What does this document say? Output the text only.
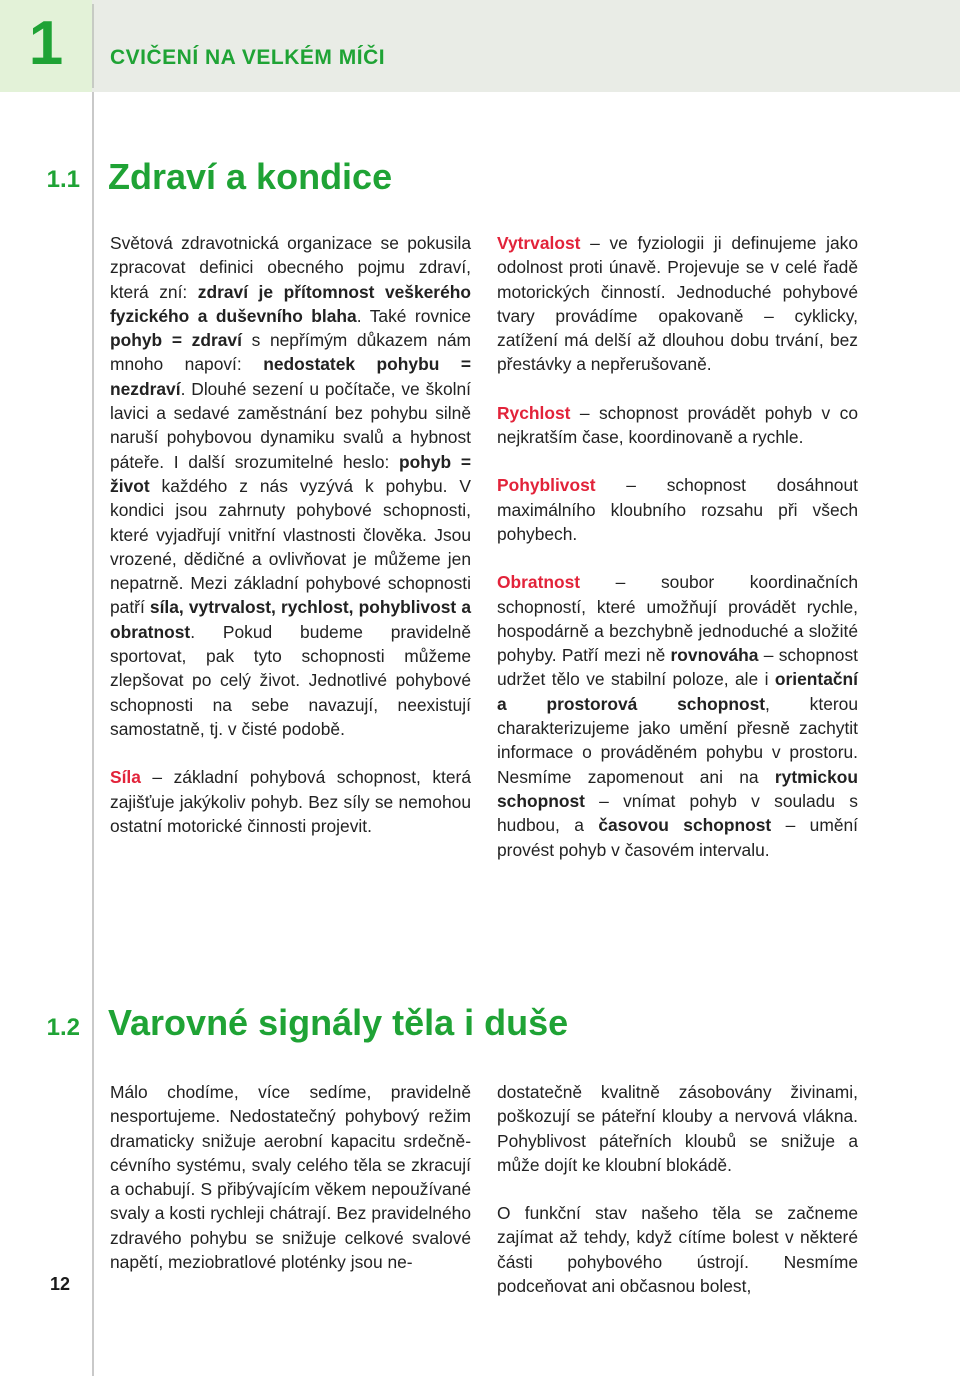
1	CVIČENÍ NA VELKÉM MÍČI
1.1 Zdraví a kondice

Světová zdravotnická organizace se pokusila zpracovat definici obecného pojmu zdraví, která zní: zdraví je přítomnost veškerého fyzického a duševního blaha. Také rovnice pohyb = zdraví s nepřímým důkazem nám mnoho napoví: nedostatek pohybu = nezdraví. Dlouhé sezení u počítače, ve školní lavici a sedavé zaměstnání bez pohybu silně naruší pohybovou dynamiku svalů a hybnost páteře. I další srozumitelné heslo: pohyb = život každého z nás vyzývá k pohybu. V kondici jsou zahrnuty pohybové schopnosti, které vyjadřují vnitřní vlastnosti člověka. Jsou vrozené, dědičné a ovlivňovat je můžeme jen nepatrně. Mezi základní pohybové schopnosti patří síla, vytrvalost, rychlost, pohyblivost a obratnost. Pokud budeme pravidelně sportovat, pak tyto schopnosti můžeme zlepšovat po celý život. Jednotlivé pohybové schopnosti na sebe navazují, neexistují samostatně, tj. v čisté podobě.

Síla – základní pohybová schopnost, která zajišťuje jakýkoliv pohyb. Bez síly se nemohou ostatní motorické činnosti projevit.

Vytrvalost – ve fyziologii ji definujeme jako odolnost proti únavě. Projevuje se v celé řadě motorických činností. Jednoduché pohybové tvary provádíme opakovaně – cyklicky, zatížení má delší až dlouhou dobu trvání, bez přestávky a nepřerušovaně.

Rychlost – schopnost provádět pohyb v co nejkratším čase, koordinovaně a rychle.

Pohyblivost – schopnost dosáhnout maximálního kloubního rozsahu při všech pohybech.

Obratnost – soubor koordinačních schopností, které umožňují provádět rychle, hospodárně a bezchybně jednoduché a složité pohyby. Patří mezi ně rovnováha – schopnost udržet tělo ve stabilní poloze, ale i orientační a prostorová schopnost, kterou charakterizujeme jako umění přesně zachytit informace o prováděném pohybu v prostoru. Nesmíme zapomenout ani na rytmickou schopnost – vnímat pohyb v souladu s hudbou, a časovou schopnost – umění provést pohyb v časovém intervalu.

1.2 Varovné signály těla i duše

Málo chodíme, více sedíme, pravidelně nesportujeme. Nedostatečný pohybový režim dramaticky snižuje aerobní kapacitu srdečně-cévního systému, svaly celého těla se zkracují a ochabují. S přibývajícím věkem nepoužívané svaly a kosti rychleji chátrají. Bez pravidelného zdravého pohybu se snižuje celkové svalové napětí, meziobratlové ploténky jsou ne-

dostatečně kvalitně zásobovány živinami, poškozují se páteřní klouby a nervová vlákna. Pohyblivost páteřních kloubů se snižuje a může dojít ke kloubní blokádě.

O funkční stav našeho těla se začneme zajímat až tehdy, když cítíme bolest v některé části pohybového ústrojí. Nesmíme podceňovat ani občasnou bolest,

12
